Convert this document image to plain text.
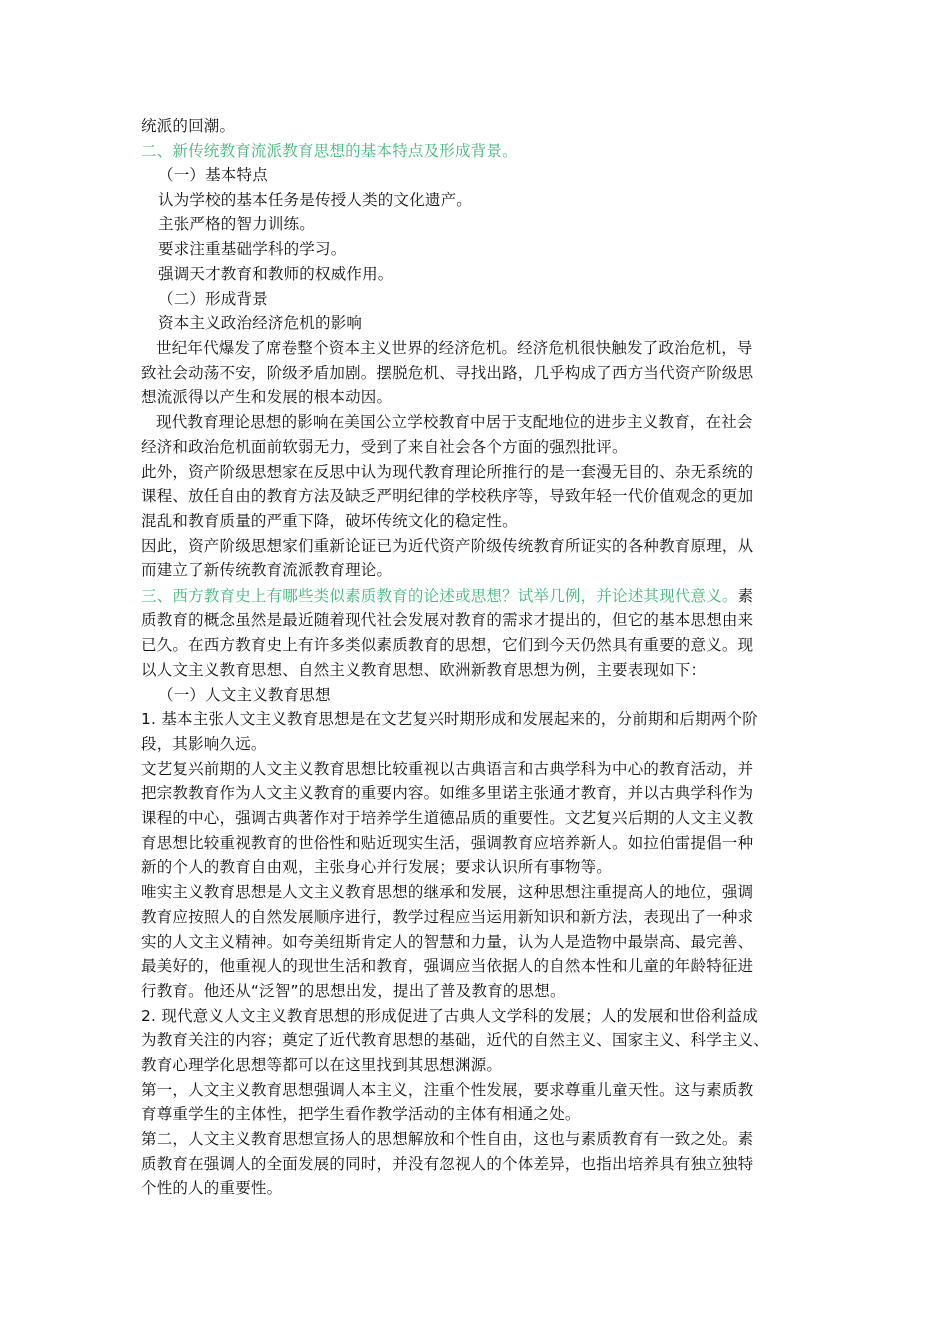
统派的回潮。
二、新传统教育流派教育思想的基本特点及形成背景。
（一）基本特点
认为学校的基本任务是传授人类的文化遗产。
主张严格的智力训练。
要求注重基础学科的学习。
强调天才教育和教师的权威作用。
（二）形成背景
资本主义政治经济危机的影响
世纪年代爆发了席卷整个资本主义世界的经济危机。经济危机很快触发了政治危机，导
致社会动荡不安，阶级矛盾加剧。摆脱危机、寻找出路，几乎构成了西方当代资产阶级思
想流派得以产生和发展的根本动因。
现代教育理论思想的影响在美国公立学校教育中居于支配地位的进步主义教育，在社会
经济和政治危机面前软弱无力，受到了来自社会各个方面的强烈批评。
此外，资产阶级思想家在反思中认为现代教育理论所推行的是一套漫无目的、杂无系统的
课程、放任自由的教育方法及缺乏严明纪律的学校秩序等，导致年轻一代价值观念的更加
混乱和教育质量的严重下降，破坏传统文化的稳定性。
因此，资产阶级思想家们重新论证已为近代资产阶级传统教育所证实的各种教育原理，从
而建立了新传统教育流派教育理论。
三、西方教育史上有哪些类似素质教育的论述或思想？试举几例，并论述其现代意义。素
质教育的概念虽然是最近随着现代社会发展对教育的需求才提出的，但它的基本思想由来
已久。在西方教育史上有许多类似素质教育的思想，它们到今天仍然具有重要的意义。现
以人文主义教育思想、自然主义教育思想、欧洲新教育思想为例，主要表现如下：
（一）人文主义教育思想
1. 基本主张人文主义教育思想是在文艺复兴时期形成和发展起来的，分前期和后期两个阶
段，其影响久远。
文艺复兴前期的人文主义教育思想比较重视以古典语言和古典学科为中心的教育活动，并
把宗教教育作为人文主义教育的重要内容。如维多里诺主张通才教育，并以古典学科作为
课程的中心，强调古典著作对于培养学生道德品质的重要性。文艺复兴后期的人文主义教
育思想比较重视教育的世俗性和贴近现实生活，强调教育应培养新人。如拉伯雷提倡一种
新的个人的教育自由观，主张身心并行发展；要求认识所有事物等。
唯实主义教育思想是人文主义教育思想的继承和发展，这种思想注重提高人的地位，强调
教育应按照人的自然发展顺序进行，教学过程应当运用新知识和新方法，表现出了一种求
实的人文主义精神。如夸美纽斯肯定人的智慧和力量，认为人是造物中最崇高、最完善、
最美好的，他重视人的现世生活和教育，强调应当依据人的自然本性和儿童的年龄特征进
行教育。他还从“泛智”的思想出发，提出了普及教育的思想。
2. 现代意义人文主义教育思想的形成促进了古典人文学科的发展；人的发展和世俗利益成
为教育关注的内容；奠定了近代教育思想的基础，近代的自然主义、国家主义、科学主义、
教育心理学化思想等都可以在这里找到其思想渊源。
第一，人文主义教育思想强调人本主义，注重个性发展，要求尊重儿童天性。这与素质教
育尊重学生的主体性，把学生看作教学活动的主体有相通之处。
第二，人文主义教育思想宣扬人的思想解放和个性自由，这也与素质教育有一致之处。素
质教育在强调人的全面发展的同时，并没有忽视人的个体差异，也指出培养具有独立独特
个性的人的重要性。
